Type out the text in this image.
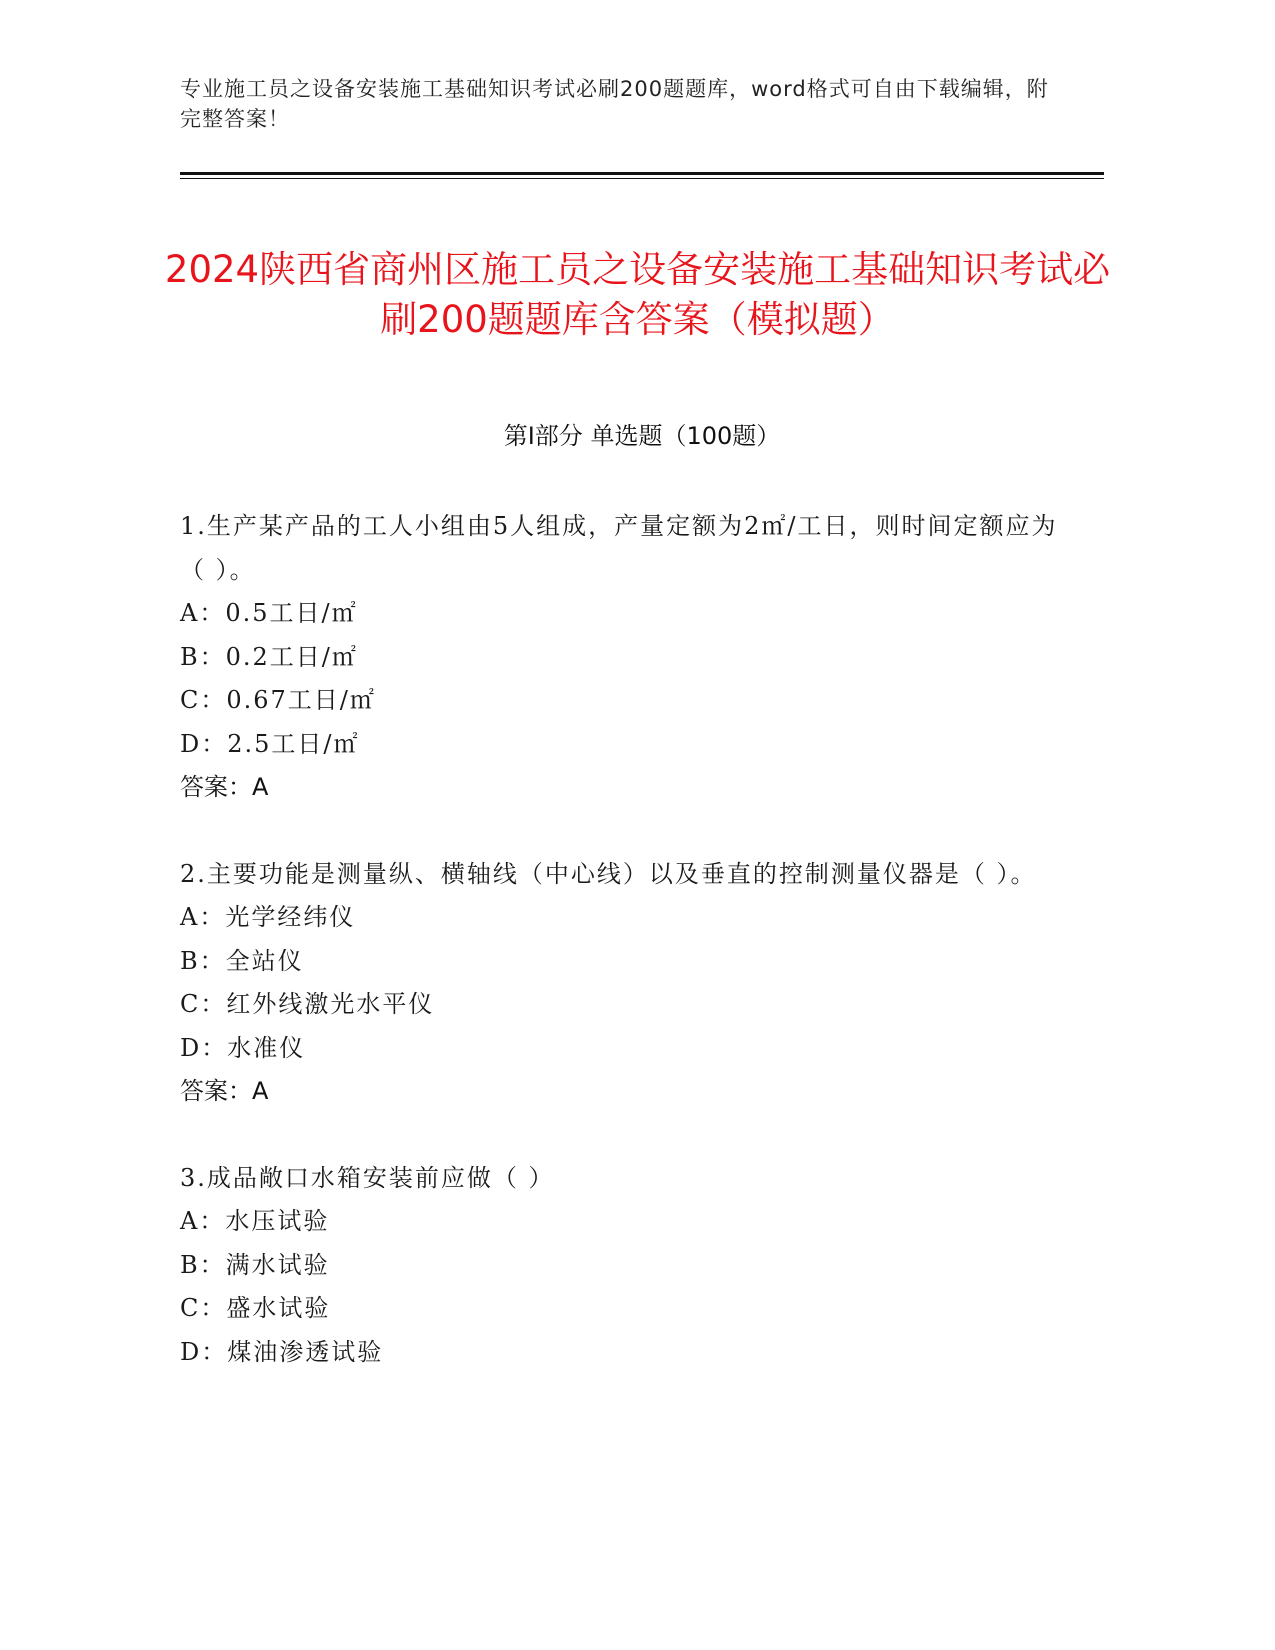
专业施工员之设备安装施工基础知识考试必刷200题题库，word格式可自由下载编辑，附完整答案！
2024陕西省商州区施工员之设备安装施工基础知识考试必刷200题题库含答案（模拟题）
第Ⅰ部分 单选题（100题）

1.生产某产品的工人小组由5人组成，产量定额为2㎡/工日，则时间定额应为（ ）。

A：0.5工日/㎡

B：0.2工日/㎡

C：0.67工日/㎡

D：2.5工日/㎡

答案：A

2.主要功能是测量纵、横轴线（中心线）以及垂直的控制测量仪器是（ ）。

A：光学经纬仪

B：全站仪

C：红外线激光水平仪

D：水准仪

答案：A

3.成品敞口水箱安装前应做（ ）

A：水压试验

B：满水试验

C：盛水试验

D：煤油渗透试验
